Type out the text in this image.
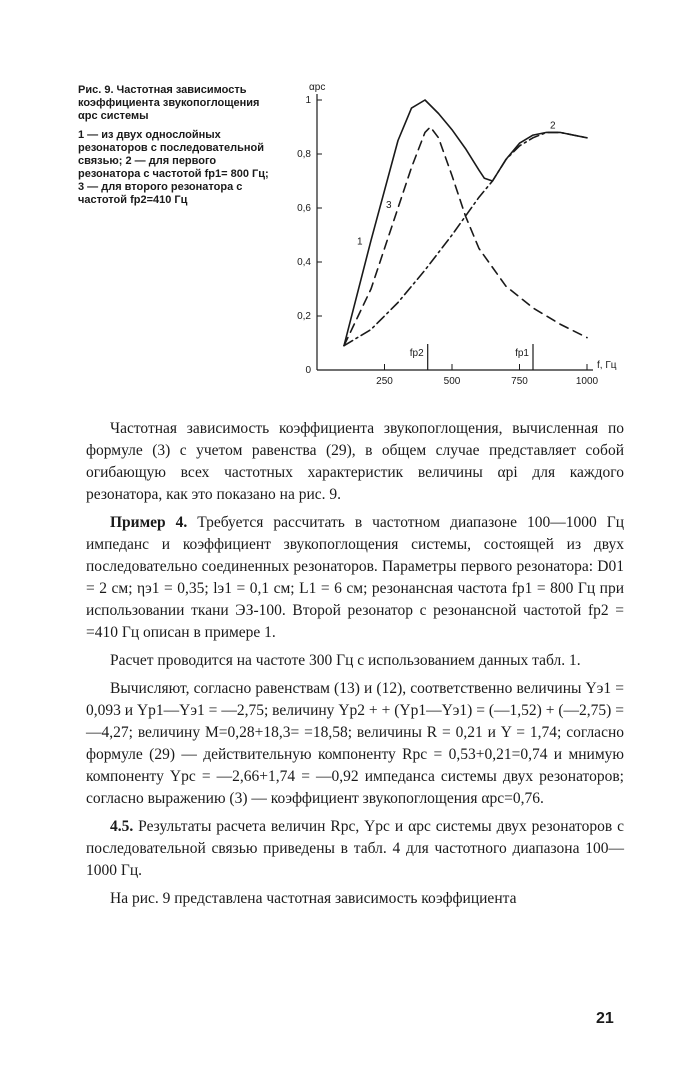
Рис. 9. Частотная зависимость коэффициента звукопоглощения αрс системы
1 — из двух однослойных резонаторов с последовательной связью; 2 — для первого резонатора с частотой fр1= 800 Гц; 3 — для второго резонатора с частотой fр2=410 Гц
0
0,2
0,4
0,6
0,8
1
250	500	750	1000
fр2	fр1
αрс
f, Гц
1
2
3

Частотная зависимость коэффициента звукопоглощения, вычисленная по формуле (3) с учетом равенства (29), в общем случае представляет собой огибающую всех частотных характеристик величины αрi для каждого резонатора, как это показано на рис. 9.

Пример 4. Требуется рассчитать в частотном диапазоне 100—1000 Гц импеданс и коэффициент звукопоглощения системы, состоящей из двух последовательно соединенных резонаторов. Параметры первого резонатора: D01 = 2 см; ηэ1 = 0,35; lэ1 = 0,1 см; L1 = 6 см; резонансная частота fр1 = 800 Гц при использовании ткани ЭЗ-100. Второй резонатор с резонансной частотой fр2 = =410 Гц описан в примере 1.

Расчет проводится на частоте 300 Гц с использованием данных табл. 1.

Вычисляют, согласно равенствам (13) и (12), соответственно величины Yэ1 = 0,093 и Yр1—Yэ1 = —2,75; величину Yр2 + + (Yр1—Yэ1) = (—1,52) + (—2,75) = —4,27; величину M=0,28+18,3= =18,58; величины R = 0,21 и Y = 1,74; согласно формуле (29) — действительную компоненту Rрс = 0,53+0,21=0,74 и мнимую компоненту Yрс = —2,66+1,74 = —0,92 импеданса системы двух резонаторов; согласно выражению (3) — коэффициент звукопоглощения αрс=0,76.

4.5. Результаты расчета величин Rрс, Yрс и αрс системы двух резонаторов с последовательной связью приведены в табл. 4 для частотного диапазона 100—1000 Гц.

На рис. 9 представлена частотная зависимость коэффициента

21
